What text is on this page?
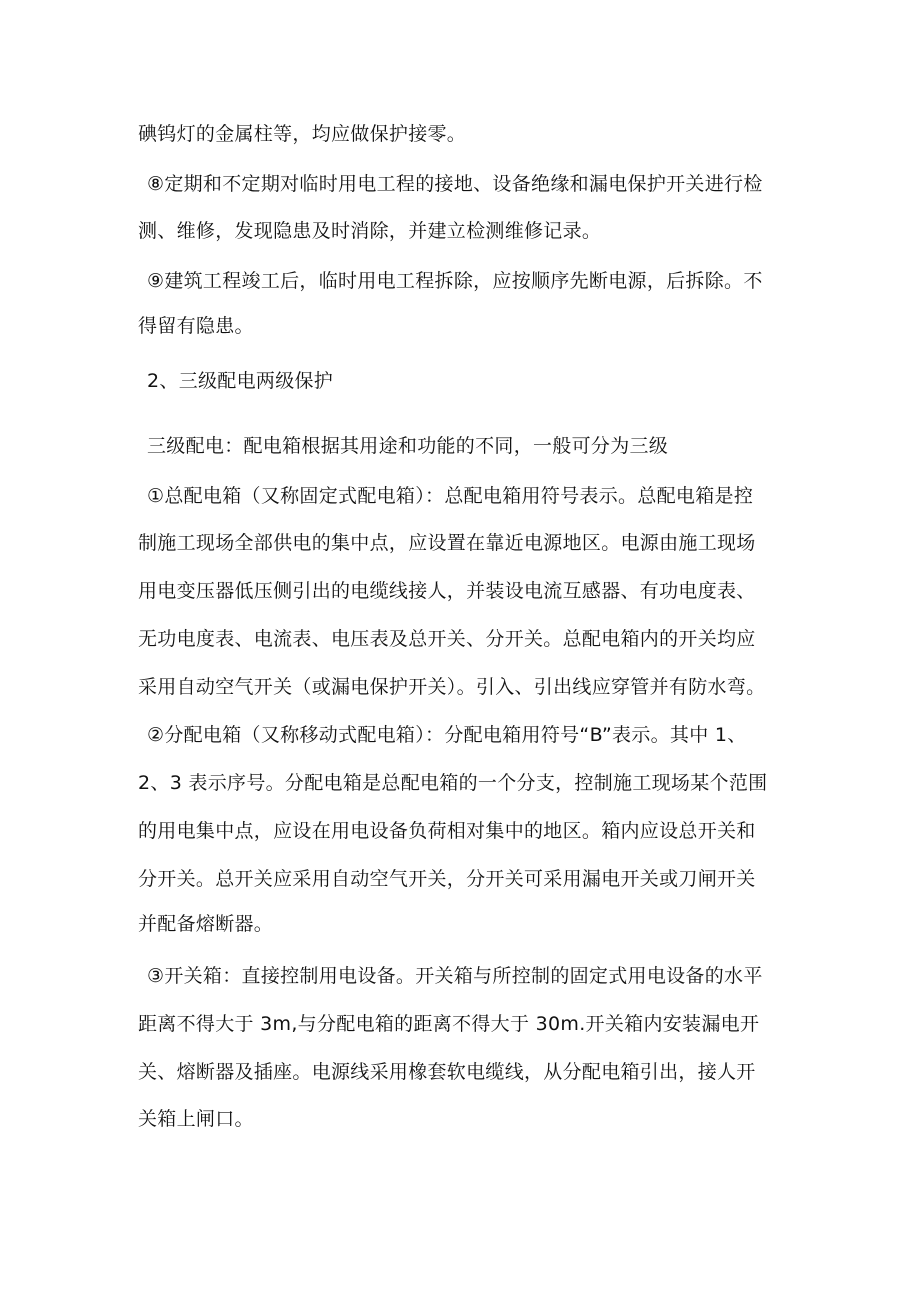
碘钨灯的金属柱等，均应做保护接零。
⑧定期和不定期对临时用电工程的接地、设备绝缘和漏电保护开关进行检
测、维修，发现隐患及时消除，并建立检测维修记录。
⑨建筑工程竣工后，临时用电工程拆除，应按顺序先断电源，后拆除。不
得留有隐患。
2、三级配电两级保护
三级配电：配电箱根据其用途和功能的不同，一般可分为三级
①总配电箱（又称固定式配电箱）：总配电箱用符号表示。总配电箱是控
制施工现场全部供电的集中点，应设置在靠近电源地区。电源由施工现场
用电变压器低压侧引出的电缆线接人，并装设电流互感器、有功电度表、
无功电度表、电流表、电压表及总开关、分开关。总配电箱内的开关均应
采用自动空气开关（或漏电保护开关）。引入、引出线应穿管并有防水弯。
②分配电箱（又称移动式配电箱）：分配电箱用符号“B”表示。其中 1、
2、3 表示序号。分配电箱是总配电箱的一个分支，控制施工现场某个范围
的用电集中点，应设在用电设备负荷相对集中的地区。箱内应设总开关和
分开关。总开关应采用自动空气开关，分开关可采用漏电开关或刀闸开关
并配备熔断器。
③开关箱：直接控制用电设备。开关箱与所控制的固定式用电设备的水平
距离不得大于 3m,与分配电箱的距离不得大于 30m.开关箱内安装漏电开
关、熔断器及插座。电源线采用橡套软电缆线，从分配电箱引出，接人开
关箱上闸口。
